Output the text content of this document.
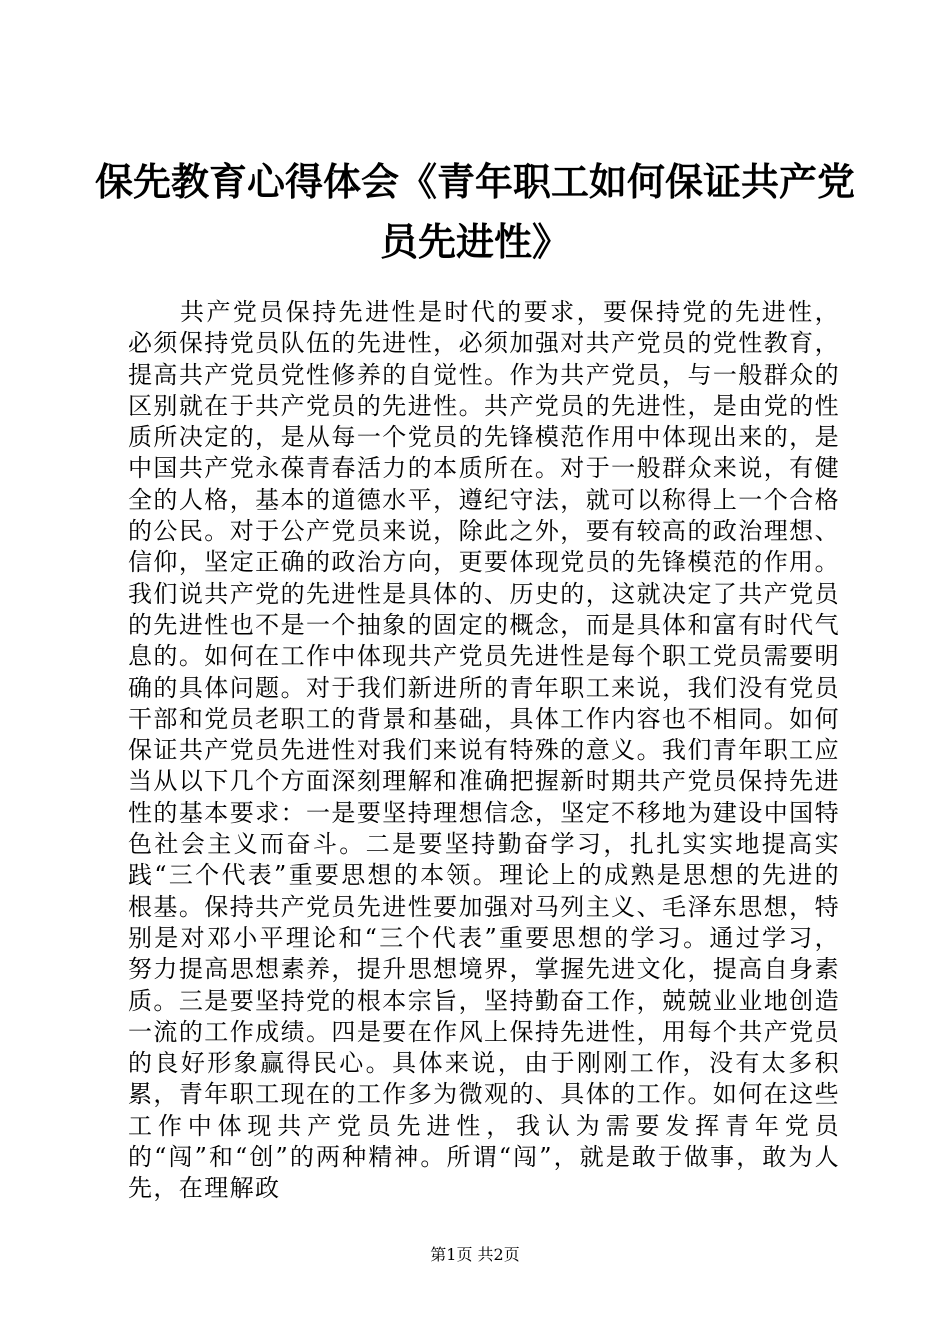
保先教育心得体会《青年职工如何保证共产党员先进性》

共产党员保持先进性是时代的要求，要保持党的先进性，必须保持党员队伍的先进性，必须加强对共产党员的党性教育，提高共产党员党性修养的自觉性。作为共产党员，与一般群众的区别就在于共产党员的先进性。共产党员的先进性，是由党的性质所决定的，是从每一个党员的先锋模范作用中体现出来的，是中国共产党永葆青春活力的本质所在。对于一般群众来说，有健全的人格，基本的道德水平，遵纪守法，就可以称得上一个合格的公民。对于公产党员来说，除此之外，要有较高的政治理想、信仰，坚定正确的政治方向，更要体现党员的先锋模范的作用。我们说共产党的先进性是具体的、历史的，这就决定了共产党员的先进性也不是一个抽象的固定的概念，而是具体和富有时代气息的。如何在工作中体现共产党员先进性是每个职工党员需要明确的具体问题。对于我们新进所的青年职工来说，我们没有党员干部和党员老职工的背景和基础，具体工作内容也不相同。如何保证共产党员先进性对我们来说有特殊的意义。我们青年职工应当从以下几个方面深刻理解和准确把握新时期共产党员保持先进性的基本要求：一是要坚持理想信念，坚定不移地为建设中国特色社会主义而奋斗。二是要坚持勤奋学习，扎扎实实地提高实践“三个代表”重要思想的本领。理论上的成熟是思想的先进的根基。保持共产党员先进性要加强对马列主义、毛泽东思想，特别是对邓小平理论和“三个代表”重要思想的学习。通过学习，努力提高思想素养，提升思想境界，掌握先进文化，提高自身素质。三是要坚持党的根本宗旨，坚持勤奋工作，兢兢业业地创造一流的工作成绩。四是要在作风上保持先进性，用每个共产党员的良好形象赢得民心。具体来说，由于刚刚工作，没有太多积累，青年职工现在的工作多为微观的、具体的工作。如何在这些工作中体现共产党员先进性，我认为需要发挥青年党员的“闯”和“创”的两种精神。所谓“闯”，就是敢于做事，敢为人先，在理解政

第1页 共2页
